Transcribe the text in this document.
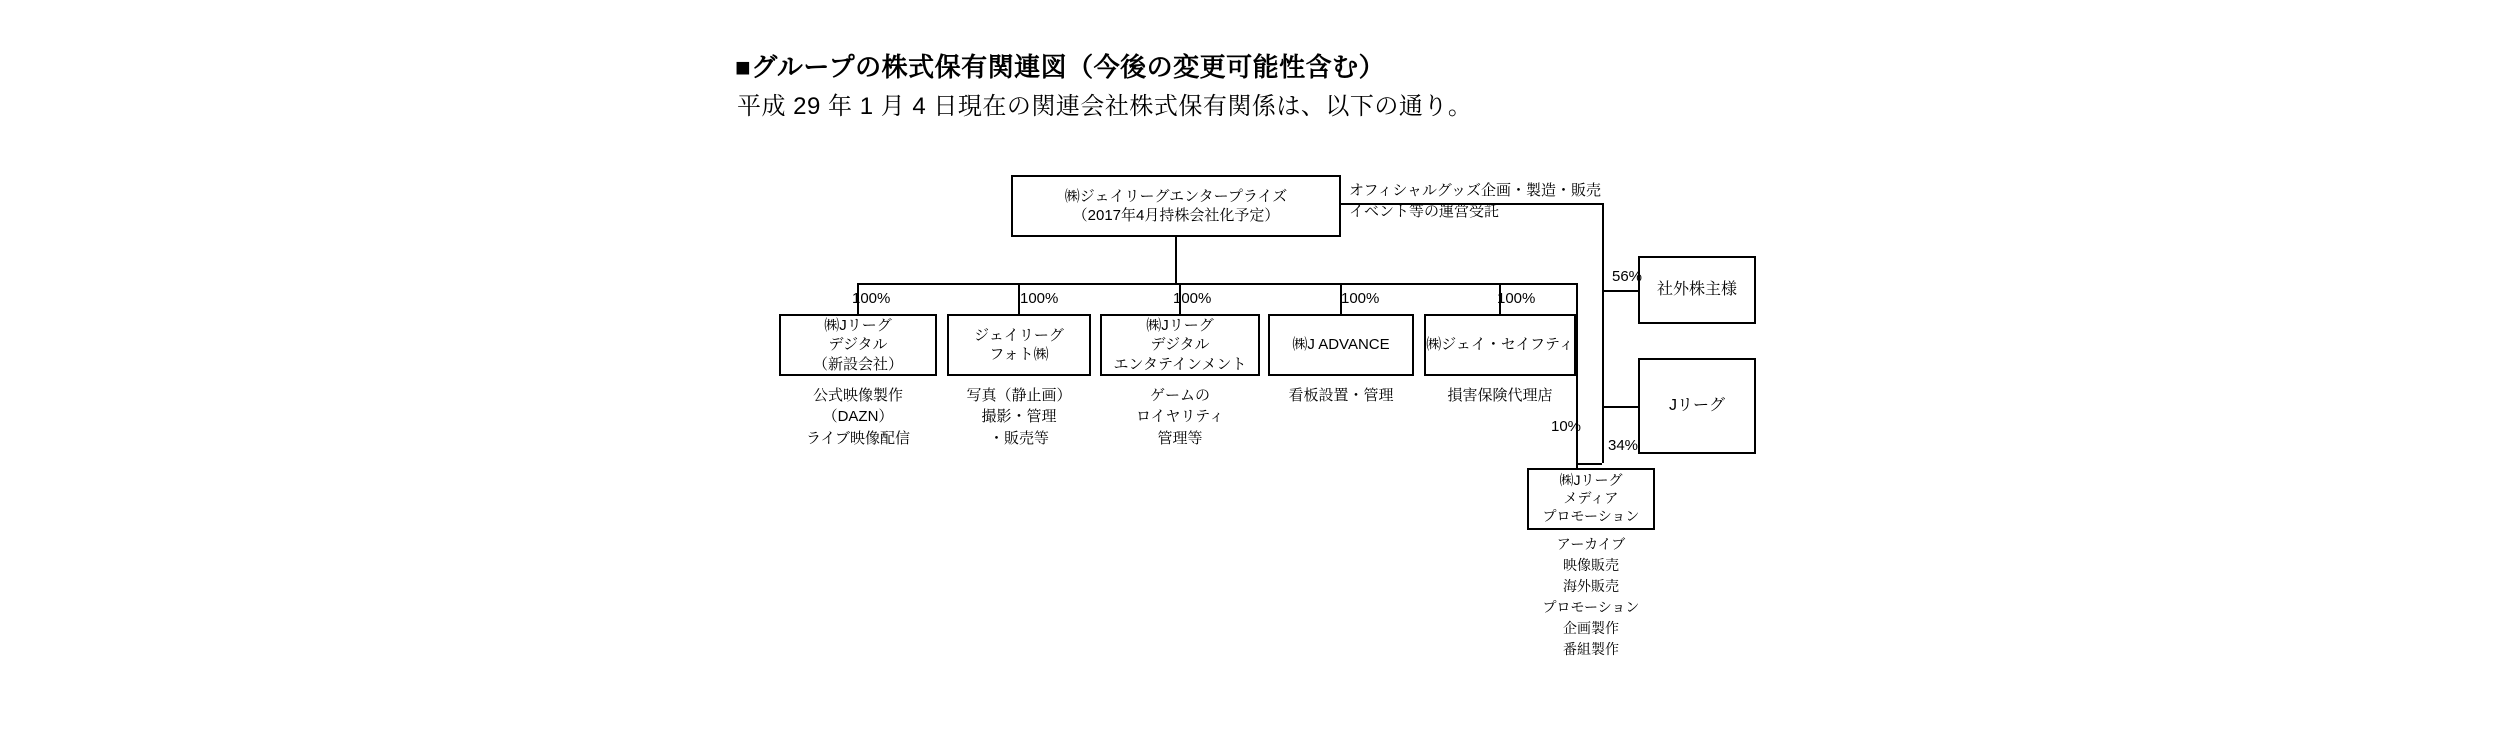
■グループの株式保有関連図（今後の変更可能性含む）
平成 29 年 1 月 4 日現在の関連会社株式保有関係は、以下の通り。
㈱ジェイリーグエンタープライズ
（2017年4月持株会社化予定）
オフィシャルグッズ企画・製造・販売
イベント等の運営受託
㈱Jリーグ
デジタル
（新設会社）
公式映像製作
（DAZN）
ライブ映像配信
ジェイリーグ
フォト㈱
写真（静止画）
撮影・管理
・販売等
㈱Jリーグ
デジタル
エンタテインメント
ゲームの
ロイヤリティ
管理等
㈱J ADVANCE
看板設置・管理
㈱ジェイ・セイフティ
損害保険代理店
㈱Jリーグ
メディア
プロモーション
アーカイブ
映像販売
海外販売
プロモーション
企画製作
番組製作
社外株主様
Jリーグ
100%	100%	100%	100%	100%
56%
34%
10%
